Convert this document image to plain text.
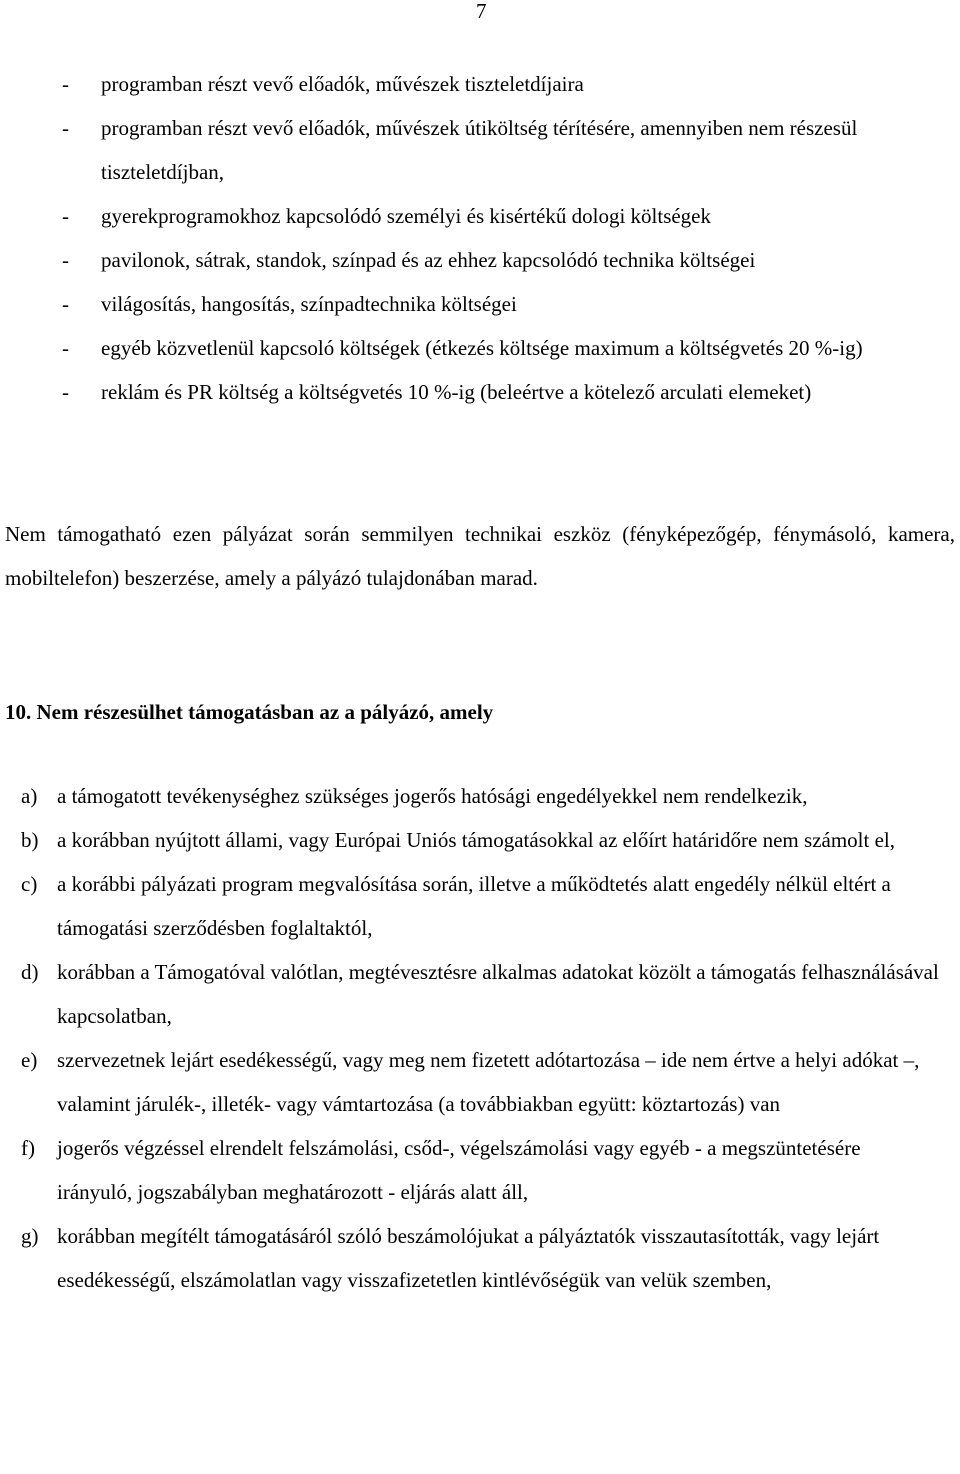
7
- programban részt vevő előadók, művészek tiszteletdíjaira
- programban részt vevő előadók, művészek útiköltség térítésére, amennyiben nem részesül tiszteletdíjban,
- gyerekprogramokhoz kapcsolódó személyi és kisértékű dologi költségek
- pavilonok, sátrak, standok, színpad és az ehhez kapcsolódó technika költségei
- világosítás, hangosítás, színpadtechnika költségei
- egyéb közvetlenül kapcsoló költségek (étkezés költsége maximum a költségvetés 20 %-ig)
- reklám és PR költség a költségvetés 10 %-ig (beleértve a kötelező arculati elemeket)

Nem támogatható ezen pályázat során semmilyen technikai eszköz (fényképezőgép, fénymásoló, kamera, mobiltelefon) beszerzése, amely a pályázó tulajdonában marad.

10. Nem részesülhet támogatásban az a pályázó, amely
a) a támogatott tevékenységhez szükséges jogerős hatósági engedélyekkel nem rendelkezik,
b) a korábban nyújtott állami, vagy Európai Uniós támogatásokkal az előírt határidőre nem számolt el,
c) a korábbi pályázati program megvalósítása során, illetve a működtetés alatt engedély nélkül eltért a támogatási szerződésben foglaltaktól,
d) korábban a Támogatóval valótlan, megtévesztésre alkalmas adatokat közölt a támogatás felhasználásával kapcsolatban,
e) szervezetnek lejárt esedékességű, vagy meg nem fizetett adótartozása – ide nem értve a helyi adókat –, valamint járulék-, illeték- vagy vámtartozása (a továbbiakban együtt: köztartozás) van
f) jogerős végzéssel elrendelt felszámolási, csőd-, végelszámolási vagy egyéb - a megszüntetésére irányuló, jogszabályban meghatározott - eljárás alatt áll,
g) korábban megítélt támogatásáról szóló beszámolójukat a pályáztatók visszautasították, vagy lejárt esedékességű, elszámolatlan vagy visszafizetetlen kintlévőségük van velük szemben,
